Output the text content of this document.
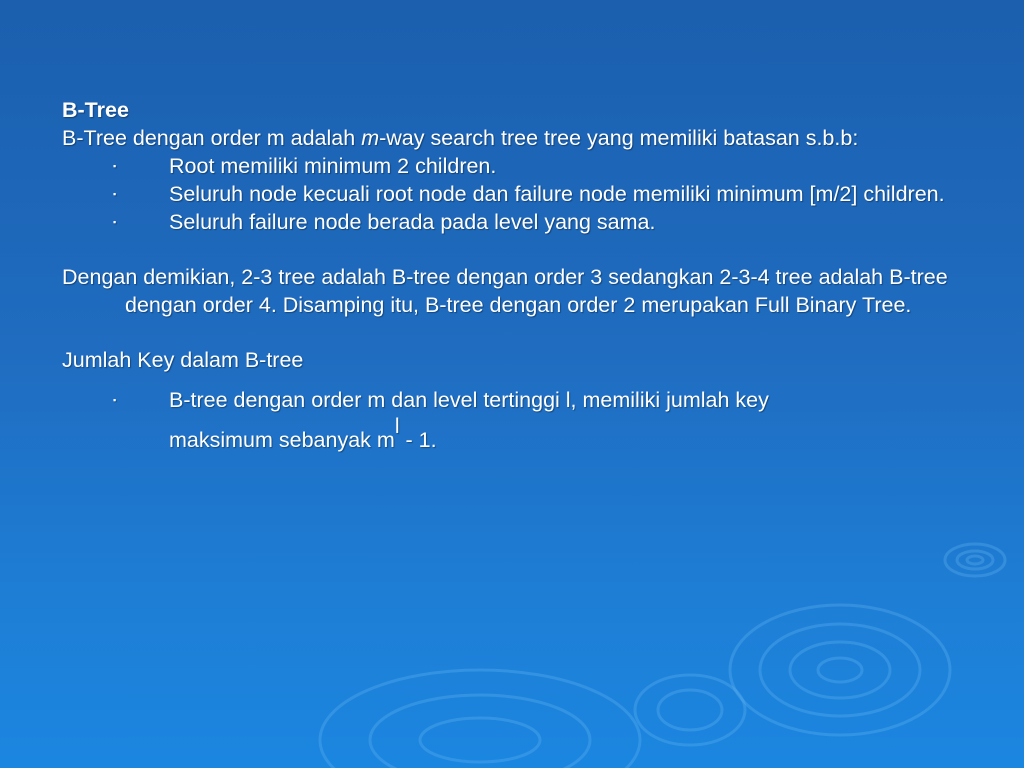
B-Tree

B-Tree dengan order m adalah m-way search tree tree yang memiliki batasan s.b.b:

▪ Root memiliki minimum 2 children.
▪ Seluruh node kecuali root node dan failure node memiliki minimum [m/2] children.
▪ Seluruh failure node berada pada level yang sama.

Dengan demikian, 2-3 tree adalah B-tree dengan order 3 sedangkan 2-3-4 tree adalah B-tree dengan order 4. Disamping itu, B-tree dengan order 2 merupakan Full Binary Tree.

Jumlah Key dalam B-tree

▪ B-tree dengan order m dan level tertinggi l, memiliki jumlah key
maksimum sebanyak ml - 1.
